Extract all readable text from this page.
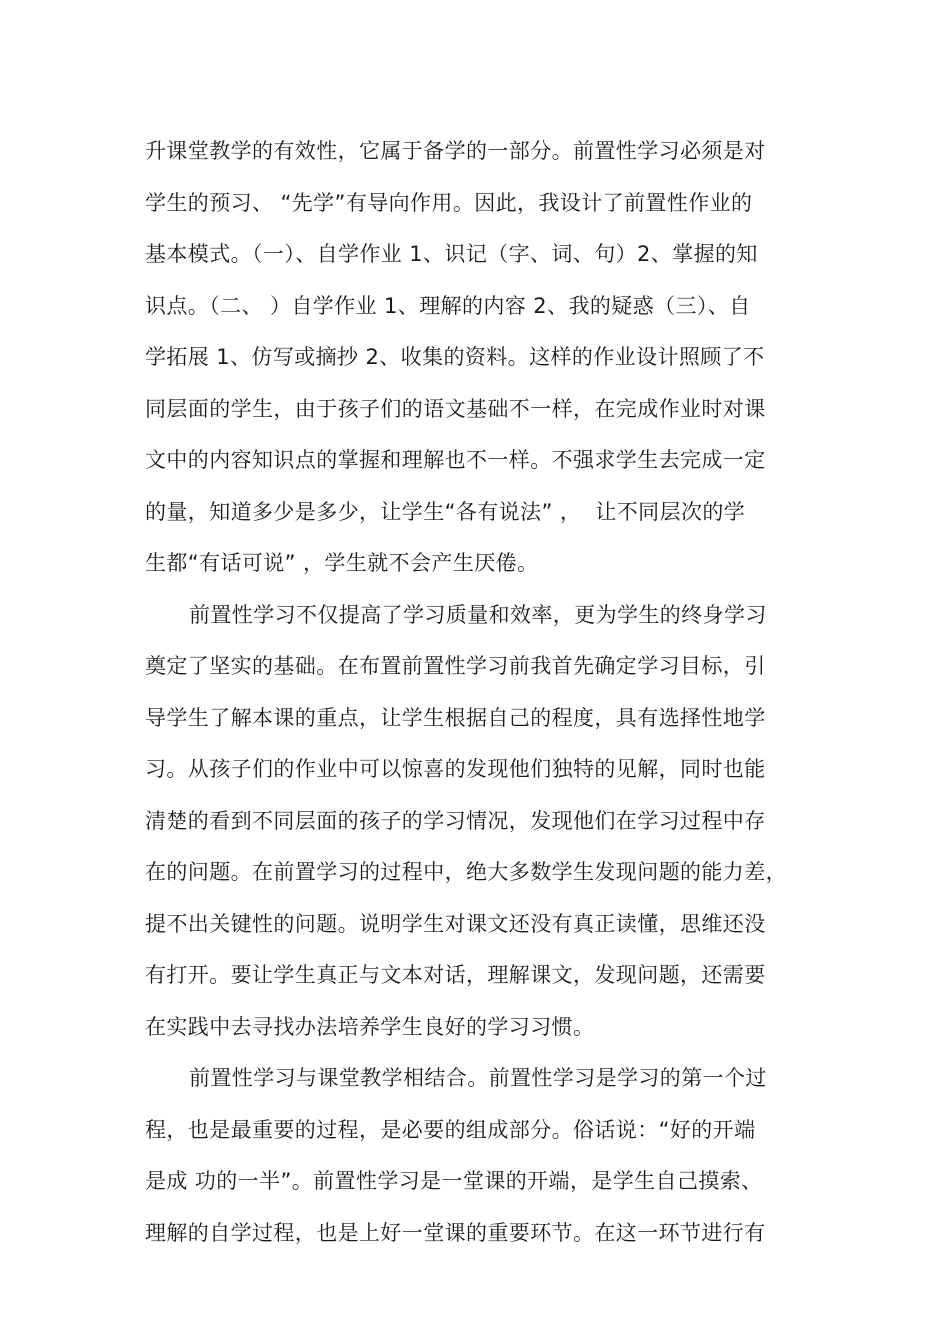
升课堂教学的有效性，它属于备学的一部分。前置性学习必须是对
学生的预习、 “先学”有导向作用。因此，我设计了前置性作业的
基本模式。（一）、自学作业 1、识记（字、词、句）2、掌握的知
识点。（二、 ）自学作业 1、理解的内容 2、我的疑惑（三）、自
学拓展 1、仿写或摘抄 2、收集的资料。这样的作业设计照顾了不
同层面的学生，由于孩子们的语文基础不一样，在完成作业时对课
文中的内容知识点的掌握和理解也不一样。不强求学生去完成一定
的量，知道多少是多少，让学生“各有说法” ，  让不同层次的学
生都“有话可说” ，学生就不会产生厌倦。
前置性学习不仅提高了学习质量和效率，更为学生的终身学习
奠定了坚实的基础。在布置前置性学习前我首先确定学习目标，引
导学生了解本课的重点，让学生根据自己的程度，具有选择性地学
习。从孩子们的作业中可以惊喜的发现他们独特的见解，同时也能
清楚的看到不同层面的孩子的学习情况，发现他们在学习过程中存
在的问题。在前置学习的过程中，绝大多数学生发现问题的能力差，
提不出关键性的问题。说明学生对课文还没有真正读懂，思维还没
有打开。要让学生真正与文本对话，理解课文，发现问题，还需要
在实践中去寻找办法培养学生良好的学习习惯。
前置性学习与课堂教学相结合。前置性学习是学习的第一个过
程，也是最重要的过程，是必要的组成部分。俗话说：“好的开端
是成 功的一半”。前置性学习是一堂课的开端，是学生自己摸索、
理解的自学过程，也是上好一堂课的重要环节。在这一环节进行有
